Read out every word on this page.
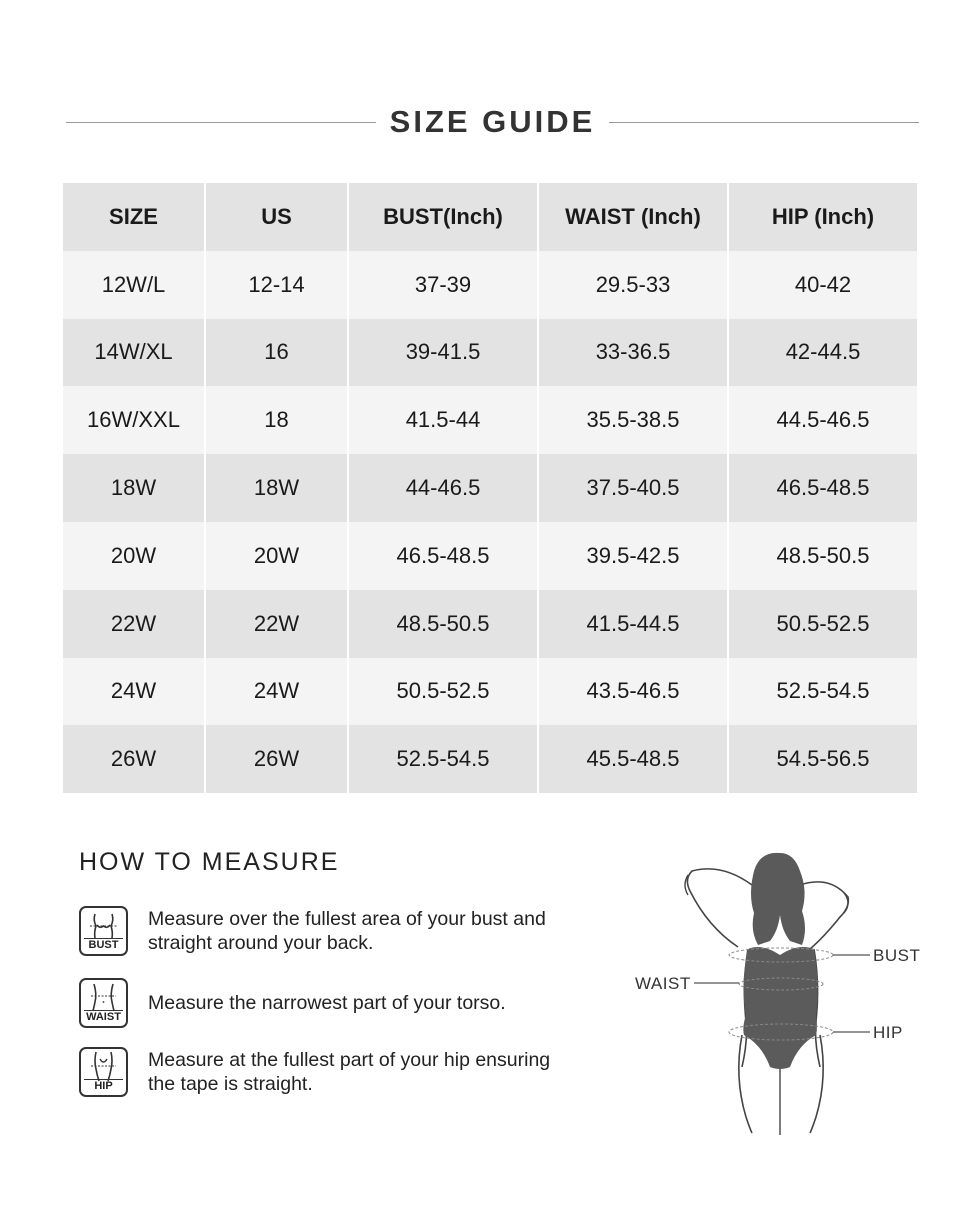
SIZE GUIDE
SIZE	US	BUST(Inch)	WAIST (Inch)	HIP (Inch)
12W/L	12-14	37-39	29.5-33	40-42
14W/XL	16	39-41.5	33-36.5	42-44.5
16W/XXL	18	41.5-44	35.5-38.5	44.5-46.5
18W	18W	44-46.5	37.5-40.5	46.5-48.5
20W	20W	46.5-48.5	39.5-42.5	48.5-50.5
22W	22W	48.5-50.5	41.5-44.5	50.5-52.5
24W	24W	50.5-52.5	43.5-46.5	52.5-54.5
26W	26W	52.5-54.5	45.5-48.5	54.5-56.5
HOW TO MEASURE
BUST
Measure over the fullest area of your bust and
straight around your back.
WAIST
Measure the narrowest part of your torso.
HIP
Measure at the fullest part of your hip ensuring
the tape is straight.
BUST
WAIST
HIP
